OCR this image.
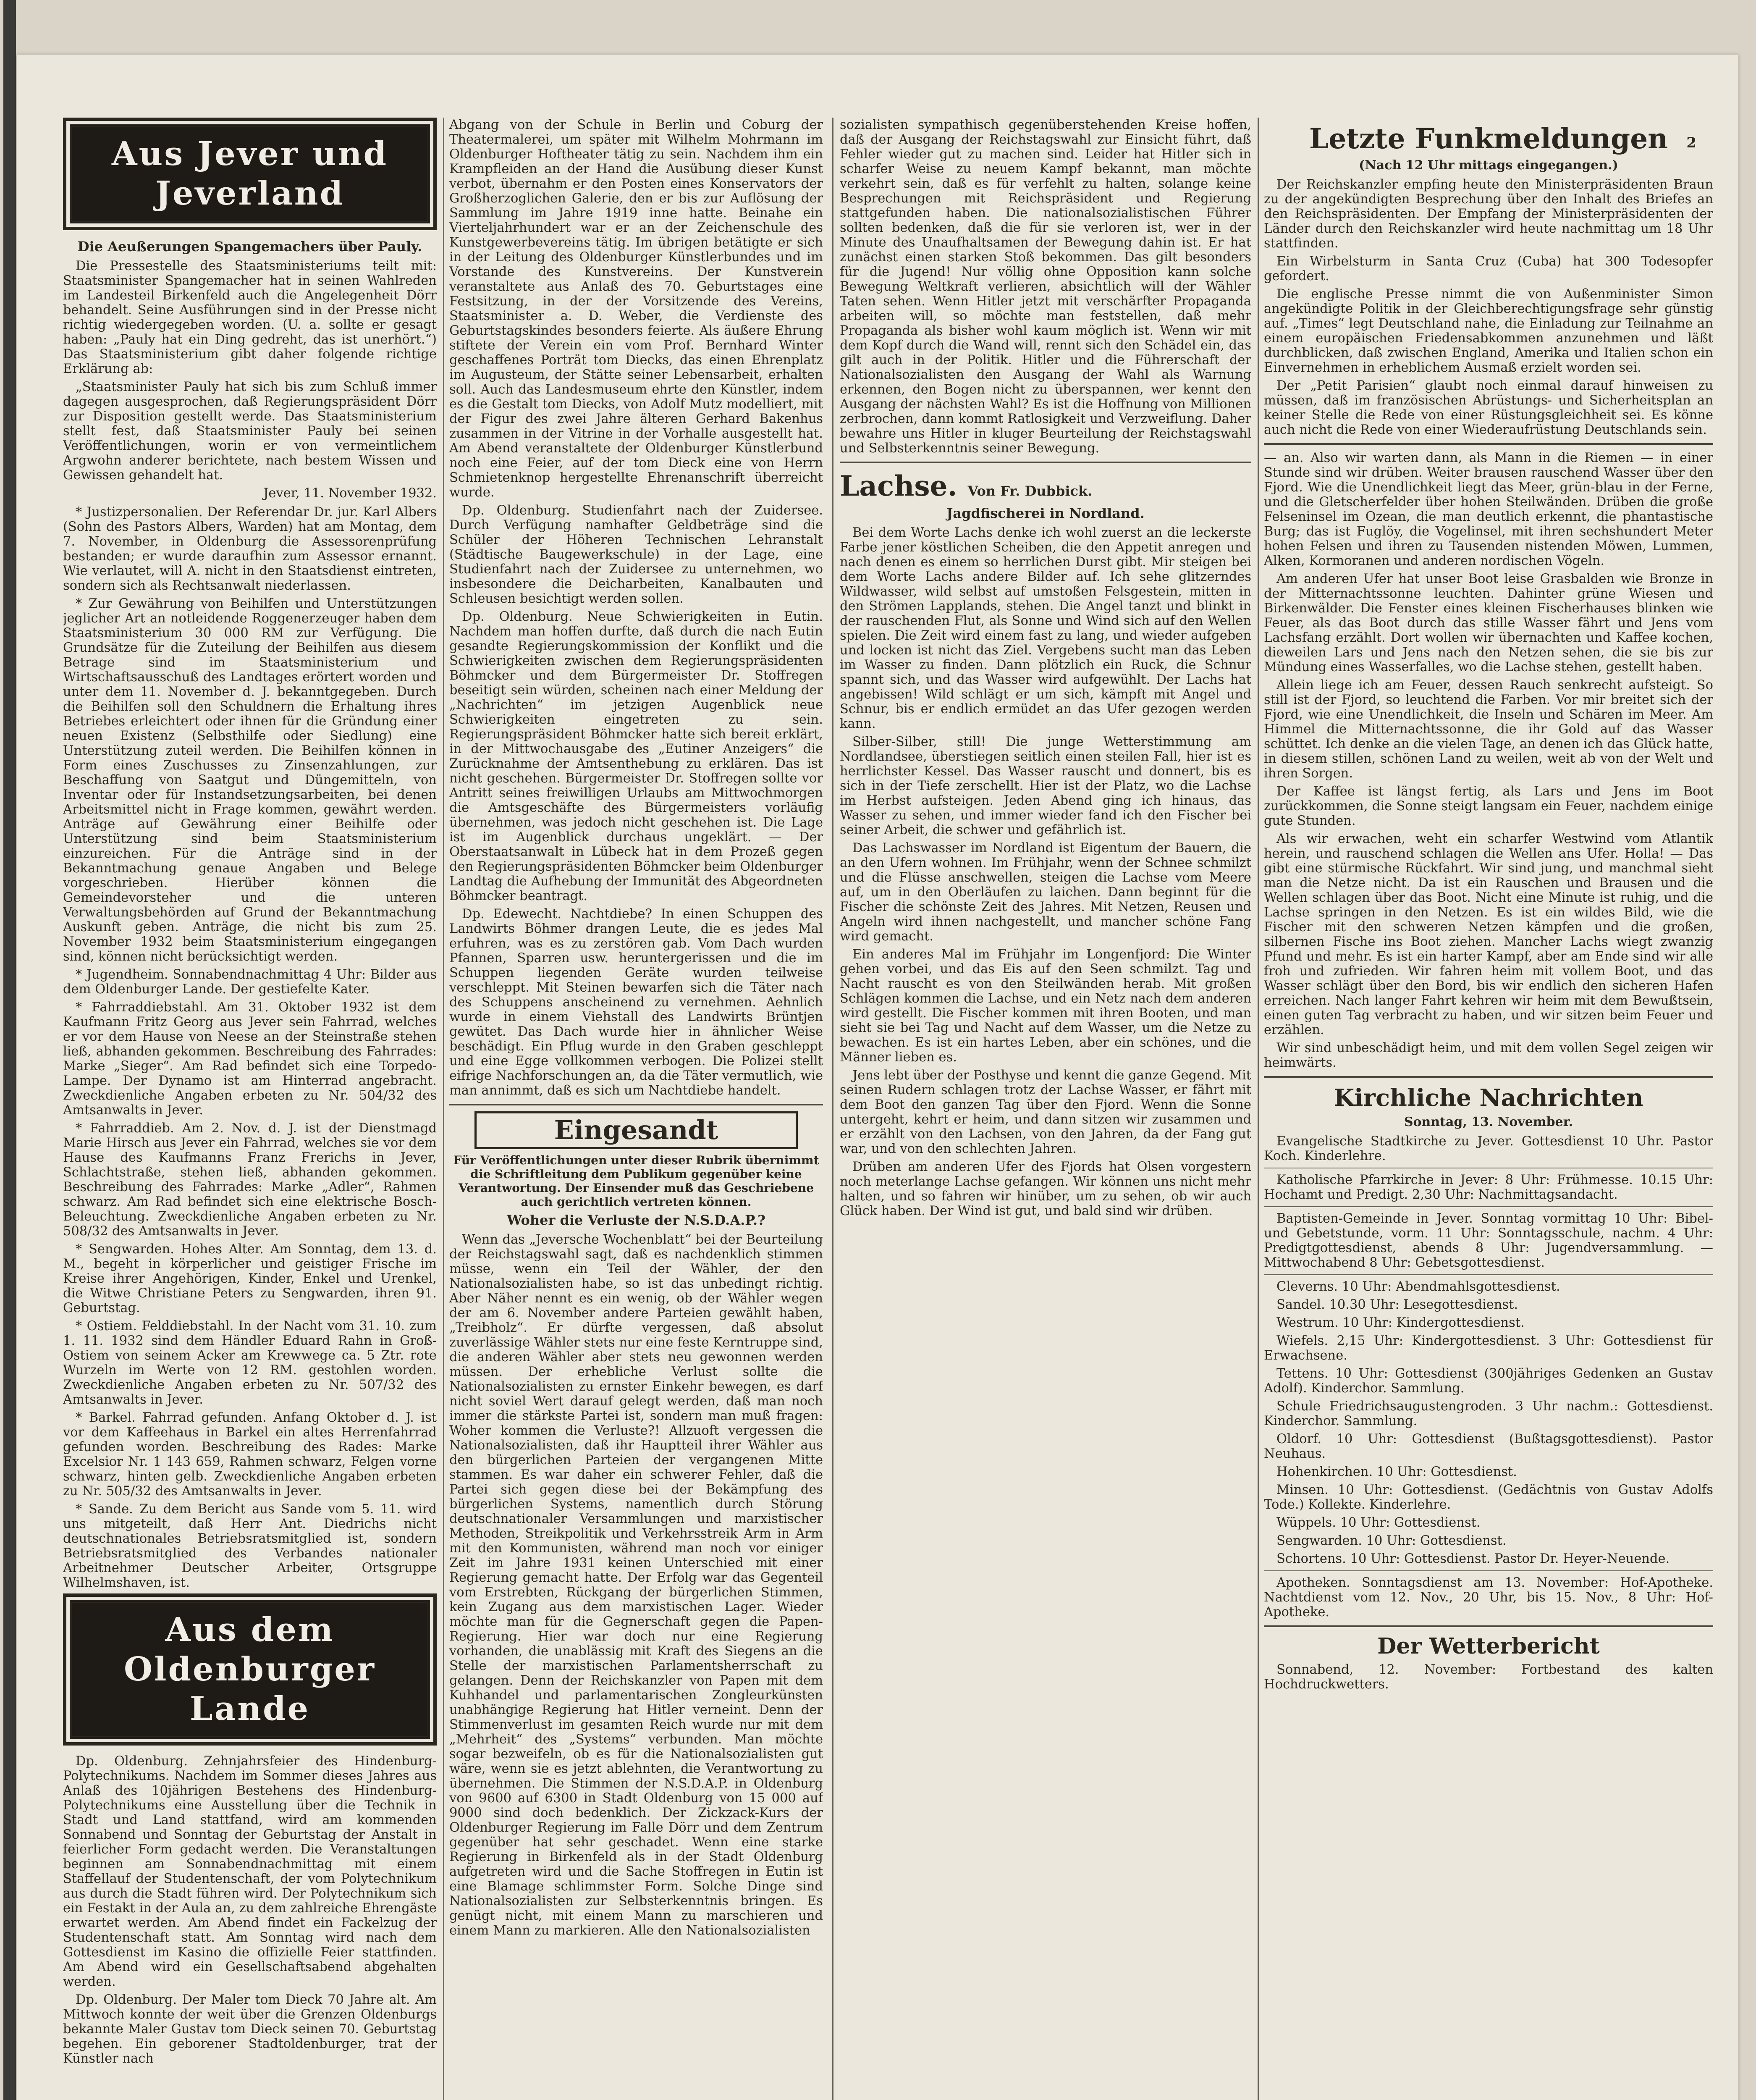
2
Aus Jever und Jeverland
Die Aeußerungen Spangemachers über Pauly.

Die Pressestelle des Staatsministeriums teilt mit: Staatsminister Spangemacher hat in seinen Wahlreden im Landesteil Birkenfeld auch die Angelegenheit Dörr behandelt. Seine Ausführungen sind in der Presse nicht richtig wiedergegeben worden. (U. a. sollte er gesagt haben: „Pauly hat ein Ding gedreht, das ist unerhört.“) Das Staatsministerium gibt daher folgende richtige Erklärung ab:

„Staatsminister Pauly hat sich bis zum Schluß immer dagegen ausgesprochen, daß Regierungspräsident Dörr zur Disposition gestellt werde. Das Staatsministerium stellt fest, daß Staatsminister Pauly bei seinen Veröffentlichungen, worin er von vermeintlichem Argwohn anderer berichtete, nach bestem Wissen und Gewissen gehandelt hat.

Jever, 11. November 1932.

* Justizpersonalien. Der Referendar Dr. jur. Karl Albers (Sohn des Pastors Albers, Warden) hat am Montag, dem 7. November, in Oldenburg die Assessorenprüfung bestanden; er wurde daraufhin zum Assessor ernannt. Wie verlautet, will A. nicht in den Staatsdienst eintreten, sondern sich als Rechtsanwalt niederlassen.

* Zur Gewährung von Beihilfen und Unterstützungen jeglicher Art an notleidende Roggenerzeuger haben dem Staatsministerium 30 000 RM zur Verfügung. Die Grundsätze für die Zuteilung der Beihilfen aus diesem Betrage sind im Staatsministerium und Wirtschaftsausschuß des Landtages erörtert worden und unter dem 11. November d. J. bekanntgegeben. Durch die Beihilfen soll den Schuldnern die Erhaltung ihres Betriebes erleichtert oder ihnen für die Gründung einer neuen Existenz (Selbsthilfe oder Siedlung) eine Unterstützung zuteil werden. Die Beihilfen können in Form eines Zuschusses zu Zinsenzahlungen, zur Beschaffung von Saatgut und Düngemitteln, von Inventar oder für Instandsetzungsarbeiten, bei denen Arbeitsmittel nicht in Frage kommen, gewährt werden. Anträge auf Gewährung einer Beihilfe oder Unterstützung sind beim Staatsministerium einzureichen. Für die Anträge sind in der Bekanntmachung genaue Angaben und Belege vorgeschrieben. Hierüber können die Gemeindevorsteher und die unteren Verwaltungsbehörden auf Grund der Bekanntmachung Auskunft geben. Anträge, die nicht bis zum 25. November 1932 beim Staatsministerium eingegangen sind, können nicht berücksichtigt werden.

* Jugendheim. Sonnabendnachmittag 4 Uhr: Bilder aus dem Oldenburger Lande. Der gestiefelte Kater.

* Fahrraddiebstahl. Am 31. Oktober 1932 ist dem Kaufmann Fritz Georg aus Jever sein Fahrrad, welches er vor dem Hause von Neese an der Steinstraße stehen ließ, abhanden gekommen. Beschreibung des Fahrrades: Marke „Sieger“. Am Rad befindet sich eine Torpedo-Lampe. Der Dynamo ist am Hinterrad angebracht. Zweckdienliche Angaben erbeten zu Nr. 504/32 des Amtsanwalts in Jever.

* Fahrraddieb. Am 2. Nov. d. J. ist der Dienstmagd Marie Hirsch aus Jever ein Fahrrad, welches sie vor dem Hause des Kaufmanns Franz Frerichs in Jever, Schlachtstraße, stehen ließ, abhanden gekommen. Beschreibung des Fahrrades: Marke „Adler“, Rahmen schwarz. Am Rad befindet sich eine elektrische Bosch-Beleuchtung. Zweckdienliche Angaben erbeten zu Nr. 508/32 des Amtsanwalts in Jever.

* Sengwarden. Hohes Alter. Am Sonntag, dem 13. d. M., begeht in körperlicher und geistiger Frische im Kreise ihrer Angehörigen, Kinder, Enkel und Urenkel, die Witwe Christiane Peters zu Sengwarden, ihren 91. Geburtstag.

* Ostiem. Felddiebstahl. In der Nacht vom 31. 10. zum 1. 11. 1932 sind dem Händler Eduard Rahn in Groß-Ostiem von seinem Acker am Krewwege ca. 5 Ztr. rote Wurzeln im Werte von 12 RM. gestohlen worden. Zweckdienliche Angaben erbeten zu Nr. 507/32 des Amtsanwalts in Jever.

* Barkel. Fahrrad gefunden. Anfang Oktober d. J. ist vor dem Kaffeehaus in Barkel ein altes Herrenfahrrad gefunden worden. Beschreibung des Rades: Marke Excelsior Nr. 1 143 659, Rahmen schwarz, Felgen vorne schwarz, hinten gelb. Zweckdienliche Angaben erbeten zu Nr. 505/32 des Amtsanwalts in Jever.

* Sande. Zu dem Bericht aus Sande vom 5. 11. wird uns mitgeteilt, daß Herr Ant. Diedrichs nicht deutschnationales Betriebsratsmitglied ist, sondern Betriebsratsmitglied des Verbandes nationaler Arbeitnehmer Deutscher Arbeiter, Ortsgruppe Wilhelmshaven, ist.

Aus dem Oldenburger Lande

Dp. Oldenburg. Zehnjahrsfeier des Hindenburg-Polytechnikums. Nachdem im Sommer dieses Jahres aus Anlaß des 10jährigen Bestehens des Hindenburg-Polytechnikums eine Ausstellung über die Technik in Stadt und Land stattfand, wird am kommenden Sonnabend und Sonntag der Geburtstag der Anstalt in feierlicher Form gedacht werden. Die Veranstaltungen beginnen am Sonnabendnachmittag mit einem Staffellauf der Studentenschaft, der vom Polytechnikum aus durch die Stadt führen wird. Der Polytechnikum sich ein Festakt in der Aula an, zu dem zahlreiche Ehrengäste erwartet werden. Am Abend findet ein Fackelzug der Studentenschaft statt. Am Sonntag wird nach dem Gottesdienst im Kasino die offizielle Feier stattfinden. Am Abend wird ein Gesellschaftsabend abgehalten werden.

Dp. Oldenburg. Der Maler tom Dieck 70 Jahre alt. Am Mittwoch konnte der weit über die Grenzen Oldenburgs bekannte Maler Gustav tom Dieck seinen 70. Geburtstag begehen. Ein geborener Stadtoldenburger, trat der Künstler nach

Abgang von der Schule in Berlin und Coburg der Theatermalerei, um später mit Wilhelm Mohrmann im Oldenburger Hoftheater tätig zu sein. Nachdem ihm ein Krampfleiden an der Hand die Ausübung dieser Kunst verbot, übernahm er den Posten eines Konservators der Großherzoglichen Galerie, den er bis zur Auflösung der Sammlung im Jahre 1919 inne hatte. Beinahe ein Vierteljahrhundert war er an der Zeichenschule des Kunstgewerbevereins tätig. Im übrigen betätigte er sich in der Leitung des Oldenburger Künstlerbundes und im Vorstande des Kunstvereins. Der Kunstverein veranstaltete aus Anlaß des 70. Geburtstages eine Festsitzung, in der der Vorsitzende des Vereins, Staatsminister a. D. Weber, die Verdienste des Geburtstagskindes besonders feierte. Als äußere Ehrung stiftete der Verein ein vom Prof. Bernhard Winter geschaffenes Porträt tom Diecks, das einen Ehrenplatz im Augusteum, der Stätte seiner Lebensarbeit, erhalten soll. Auch das Landesmuseum ehrte den Künstler, indem es die Gestalt tom Diecks, von Adolf Mutz modelliert, mit der Figur des zwei Jahre älteren Gerhard Bakenhus zusammen in der Vitrine in der Vorhalle ausgestellt hat. Am Abend veranstaltete der Oldenburger Künstlerbund noch eine Feier, auf der tom Dieck eine von Herrn Schmietenknop hergestellte Ehrenanschrift überreicht wurde.

Dp. Oldenburg. Studienfahrt nach der Zuidersee. Durch Verfügung namhafter Geldbeträge sind die Schüler der Höheren Technischen Lehranstalt (Städtische Baugewerkschule) in der Lage, eine Studienfahrt nach der Zuidersee zu unternehmen, wo insbesondere die Deicharbeiten, Kanalbauten und Schleusen besichtigt werden sollen.

Dp. Oldenburg. Neue Schwierigkeiten in Eutin. Nachdem man hoffen durfte, daß durch die nach Eutin gesandte Regierungskommission der Konflikt und die Schwierigkeiten zwischen dem Regierungspräsidenten Böhmcker und dem Bürgermeister Dr. Stoffregen beseitigt sein würden, scheinen nach einer Meldung der „Nachrichten“ im jetzigen Augenblick neue Schwierigkeiten eingetreten zu sein. Regierungspräsident Böhmcker hatte sich bereit erklärt, in der Mittwochausgabe des „Eutiner Anzeigers“ die Zurücknahme der Amtsenthebung zu erklären. Das ist nicht geschehen. Bürgermeister Dr. Stoffregen sollte vor Antritt seines freiwilligen Urlaubs am Mittwochmorgen die Amtsgeschäfte des Bürgermeisters vorläufig übernehmen, was jedoch nicht geschehen ist. Die Lage ist im Augenblick durchaus ungeklärt. — Der Oberstaatsanwalt in Lübeck hat in dem Prozeß gegen den Regierungspräsidenten Böhmcker beim Oldenburger Landtag die Aufhebung der Immunität des Abgeordneten Böhmcker beantragt.

Dp. Edewecht. Nachtdiebe? In einen Schuppen des Landwirts Böhmer drangen Leute, die es jedes Mal erfuhren, was es zu zerstören gab. Vom Dach wurden Pfannen, Sparren usw. heruntergerissen und die im Schuppen liegenden Geräte wurden teilweise verschleppt. Mit Steinen bewarfen sich die Täter nach des Schuppens anscheinend zu vernehmen. Aehnlich wurde in einem Viehstall des Landwirts Brüntjen gewütet. Das Dach wurde hier in ähnlicher Weise beschädigt. Ein Pflug wurde in den Graben geschleppt und eine Egge vollkommen verbogen. Die Polizei stellt eifrige Nachforschungen an, da die Täter vermutlich, wie man annimmt, daß es sich um Nachtdiebe handelt.

Eingesandt
Für Veröffentlichungen unter dieser Rubrik übernimmt die Schriftleitung dem Publikum gegenüber keine Verantwortung. Der Einsender muß das Geschriebene auch gerichtlich vertreten können.
Woher die Verluste der N.S.D.A.P.?

Wenn das „Jeversche Wochenblatt“ bei der Beurteilung der Reichstagswahl sagt, daß es nachdenklich stimmen müsse, wenn ein Teil der Wähler, der den Nationalsozialisten habe, so ist das unbedingt richtig. Aber Näher nennt es ein wenig, ob der Wähler wegen der am 6. November andere Parteien gewählt haben, „Treibholz“. Er dürfte vergessen, daß absolut zuverlässige Wähler stets nur eine feste Kerntruppe sind, die anderen Wähler aber stets neu gewonnen werden müssen. Der erhebliche Verlust sollte die Nationalsozialisten zu ernster Einkehr bewegen, es darf nicht soviel Wert darauf gelegt werden, daß man noch immer die stärkste Partei ist, sondern man muß fragen: Woher kommen die Verluste?! Allzuoft vergessen die Nationalsozialisten, daß ihr Hauptteil ihrer Wähler aus den bürgerlichen Parteien der vergangenen Mitte stammen. Es war daher ein schwerer Fehler, daß die Partei sich gegen diese bei der Bekämpfung des bürgerlichen Systems, namentlich durch Störung deutschnationaler Versammlungen und marxistischer Methoden, Streikpolitik und Verkehrsstreik Arm in Arm mit den Kommunisten, während man noch vor einiger Zeit im Jahre 1931 keinen Unterschied mit einer Regierung gemacht hatte. Der Erfolg war das Gegenteil vom Erstrebten, Rückgang der bürgerlichen Stimmen, kein Zugang aus dem marxistischen Lager. Wieder möchte man für die Gegnerschaft gegen die Papen-Regierung. Hier war doch nur eine Regierung vorhanden, die unablässig mit Kraft des Siegens an die Stelle der marxistischen Parlamentsherrschaft zu gelangen. Denn der Reichskanzler von Papen mit dem Kuhhandel und parlamentarischen Zongleurkünsten unabhängige Regierung hat Hitler verneint. Denn der Stimmenverlust im gesamten Reich wurde nur mit dem „Mehrheit“ des „Systems“ verbunden. Man möchte sogar bezweifeln, ob es für die Nationalsozialisten gut wäre, wenn sie es jetzt ablehnten, die Verantwortung zu übernehmen. Die Stimmen der N.S.D.A.P. in Oldenburg von 9600 auf 6300 in Stadt Oldenburg von 15 000 auf 9000 sind doch bedenklich. Der Zickzack-Kurs der Oldenburger Regierung im Falle Dörr und dem Zentrum gegenüber hat sehr geschadet. Wenn eine starke Regierung in Birkenfeld als in der Stadt Oldenburg aufgetreten wird und die Sache Stoffregen in Eutin ist eine Blamage schlimmster Form. Solche Dinge sind Nationalsozialisten zur Selbsterkenntnis bringen. Es genügt nicht, mit einem Mann zu marschieren und einem Mann zu markieren. Alle den Nationalsozialisten

sozialisten sympathisch gegenüberstehenden Kreise hoffen, daß der Ausgang der Reichstagswahl zur Einsicht führt, daß Fehler wieder gut zu machen sind. Leider hat Hitler sich in scharfer Weise zu neuem Kampf bekannt, man möchte verkehrt sein, daß es für verfehlt zu halten, solange keine Besprechungen mit Reichspräsident und Regierung stattgefunden haben. Die nationalsozialistischen Führer sollten bedenken, daß die für sie verloren ist, wer in der Minute des Unaufhaltsamen der Bewegung dahin ist. Er hat zunächst einen starken Stoß bekommen. Das gilt besonders für die Jugend! Nur völlig ohne Opposition kann solche Bewegung Weltkraft verlieren, absichtlich will der Wähler Taten sehen. Wenn Hitler jetzt mit verschärfter Propaganda arbeiten will, so möchte man feststellen, daß mehr Propaganda als bisher wohl kaum möglich ist. Wenn wir mit dem Kopf durch die Wand will, rennt sich den Schädel ein, das gilt auch in der Politik. Hitler und die Führerschaft der Nationalsozialisten den Ausgang der Wahl als Warnung erkennen, den Bogen nicht zu überspannen, wer kennt den Ausgang der nächsten Wahl? Es ist die Hoffnung von Millionen zerbrochen, dann kommt Ratlosigkeit und Verzweiflung. Daher bewahre uns Hitler in kluger Beurteilung der Reichstagswahl und Selbsterkenntnis seiner Bewegung.

Lachse. Von Fr. Dubbick.
Jagdfischerei in Nordland.

Bei dem Worte Lachs denke ich wohl zuerst an die leckerste Farbe jener köstlichen Scheiben, die den Appetit anregen und nach denen es einem so herrlichen Durst gibt. Mir steigen bei dem Worte Lachs andere Bilder auf. Ich sehe glitzerndes Wildwasser, wild selbst auf umstoßen Felsgestein, mitten in den Strömen Lapplands, stehen. Die Angel tanzt und blinkt in der rauschenden Flut, als Sonne und Wind sich auf den Wellen spielen. Die Zeit wird einem fast zu lang, und wieder aufgeben und locken ist nicht das Ziel. Vergebens sucht man das Leben im Wasser zu finden. Dann plötzlich ein Ruck, die Schnur spannt sich, und das Wasser wird aufgewühlt. Der Lachs hat angebissen! Wild schlägt er um sich, kämpft mit Angel und Schnur, bis er endlich ermüdet an das Ufer gezogen werden kann.

Silber-Silber, still! Die junge Wetterstimmung am Nordlandsee, überstiegen seitlich einen steilen Fall, hier ist es herrlichster Kessel. Das Wasser rauscht und donnert, bis es sich in der Tiefe zerschellt. Hier ist der Platz, wo die Lachse im Herbst aufsteigen. Jeden Abend ging ich hinaus, das Wasser zu sehen, und immer wieder fand ich den Fischer bei seiner Arbeit, die schwer und gefährlich ist.

Das Lachswasser im Nordland ist Eigentum der Bauern, die an den Ufern wohnen. Im Frühjahr, wenn der Schnee schmilzt und die Flüsse anschwellen, steigen die Lachse vom Meere auf, um in den Oberläufen zu laichen. Dann beginnt für die Fischer die schönste Zeit des Jahres. Mit Netzen, Reusen und Angeln wird ihnen nachgestellt, und mancher schöne Fang wird gemacht.

Ein anderes Mal im Frühjahr im Longenfjord: Die Winter gehen vorbei, und das Eis auf den Seen schmilzt. Tag und Nacht rauscht es von den Steilwänden herab. Mit großen Schlägen kommen die Lachse, und ein Netz nach dem anderen wird gestellt. Die Fischer kommen mit ihren Booten, und man sieht sie bei Tag und Nacht auf dem Wasser, um die Netze zu bewachen. Es ist ein hartes Leben, aber ein schönes, und die Männer lieben es.

Jens lebt über der Posthyse und kennt die ganze Gegend. Mit seinen Rudern schlagen trotz der Lachse Wasser, er fährt mit dem Boot den ganzen Tag über den Fjord. Wenn die Sonne untergeht, kehrt er heim, und dann sitzen wir zusammen und er erzählt von den Lachsen, von den Jahren, da der Fang gut war, und von den schlechten Jahren.

Drüben am anderen Ufer des Fjords hat Olsen vorgestern noch meterlange Lachse gefangen. Wir können uns nicht mehr halten, und so fahren wir hinüber, um zu sehen, ob wir auch Glück haben. Der Wind ist gut, und bald sind wir drüben.

Letzte Funkmeldungen
(Nach 12 Uhr mittags eingegangen.)

Der Reichskanzler empfing heute den Ministerpräsidenten Braun zu der angekündigten Besprechung über den Inhalt des Briefes an den Reichspräsidenten. Der Empfang der Ministerpräsidenten der Länder durch den Reichskanzler wird heute nachmittag um 18 Uhr stattfinden.

Ein Wirbelsturm in Santa Cruz (Cuba) hat 300 Todesopfer gefordert.

Die englische Presse nimmt die von Außenminister Simon angekündigte Politik in der Gleichberechtigungsfrage sehr günstig auf. „Times“ legt Deutschland nahe, die Einladung zur Teilnahme an einem europäischen Friedensabkommen anzunehmen und läßt durchblicken, daß zwischen England, Amerika und Italien schon ein Einvernehmen in erheblichem Ausmaß erzielt worden sei.

Der „Petit Parisien“ glaubt noch einmal darauf hinweisen zu müssen, daß im französischen Abrüstungs- und Sicherheitsplan an keiner Stelle die Rede von einer Rüstungsgleichheit sei. Es könne auch nicht die Rede von einer Wiederaufrüstung Deutschlands sein.

— an. Also wir warten dann, als Mann in die Riemen — in einer Stunde sind wir drüben. Weiter brausen rauschend Wasser über den Fjord. Wie die Unendlichkeit liegt das Meer, grün-blau in der Ferne, und die Gletscherfelder über hohen Steilwänden. Drüben die große Felseninsel im Ozean, die man deutlich erkennt, die phantastische Burg; das ist Fuglöy, die Vogelinsel, mit ihren sechshundert Meter hohen Felsen und ihren zu Tausenden nistenden Möwen, Lummen, Alken, Kormoranen und anderen nordischen Vögeln.

Am anderen Ufer hat unser Boot leise Grasbalden wie Bronze in der Mitternachtssonne leuchten. Dahinter grüne Wiesen und Birkenwälder. Die Fenster eines kleinen Fischerhauses blinken wie Feuer, als das Boot durch das stille Wasser fährt und Jens vom Lachsfang erzählt. Dort wollen wir übernachten und Kaffee kochen, dieweilen Lars und Jens nach den Netzen sehen, die sie bis zur Mündung eines Wasserfalles, wo die Lachse stehen, gestellt haben.

Allein liege ich am Feuer, dessen Rauch senkrecht aufsteigt. So still ist der Fjord, so leuchtend die Farben. Vor mir breitet sich der Fjord, wie eine Unendlichkeit, die Inseln und Schären im Meer. Am Himmel die Mitternachtssonne, die ihr Gold auf das Wasser schüttet. Ich denke an die vielen Tage, an denen ich das Glück hatte, in diesem stillen, schönen Land zu weilen, weit ab von der Welt und ihren Sorgen.

Der Kaffee ist längst fertig, als Lars und Jens im Boot zurückkommen, die Sonne steigt langsam ein Feuer, nachdem einige gute Stunden.

Als wir erwachen, weht ein scharfer Westwind vom Atlantik herein, und rauschend schlagen die Wellen ans Ufer. Holla! — Das gibt eine stürmische Rückfahrt. Wir sind jung, und manchmal sieht man die Netze nicht. Da ist ein Rauschen und Brausen und die Wellen schlagen über das Boot. Nicht eine Minute ist ruhig, und die Lachse springen in den Netzen. Es ist ein wildes Bild, wie die Fischer mit den schweren Netzen kämpfen und die großen, silbernen Fische ins Boot ziehen. Mancher Lachs wiegt zwanzig Pfund und mehr. Es ist ein harter Kampf, aber am Ende sind wir alle froh und zufrieden. Wir fahren heim mit vollem Boot, und das Wasser schlägt über den Bord, bis wir endlich den sicheren Hafen erreichen. Nach langer Fahrt kehren wir heim mit dem Bewußtsein, einen guten Tag verbracht zu haben, und wir sitzen beim Feuer und erzählen.

Wir sind unbeschädigt heim, und mit dem vollen Segel zeigen wir heimwärts.

Kirchliche Nachrichten
Sonntag, 13. November.

Evangelische Stadtkirche zu Jever. Gottesdienst 10 Uhr. Pastor Koch. Kinderlehre.

Katholische Pfarrkirche in Jever: 8 Uhr: Frühmesse. 10.15 Uhr: Hochamt und Predigt. 2,30 Uhr: Nachmittagsandacht.

Baptisten-Gemeinde in Jever. Sonntag vormittag 10 Uhr: Bibel- und Gebetstunde, vorm. 11 Uhr: Sonntagsschule, nachm. 4 Uhr: Predigtgottesdienst, abends 8 Uhr: Jugendversammlung. — Mittwochabend 8 Uhr: Gebetsgottesdienst.

Cleverns. 10 Uhr: Abendmahlsgottesdienst.

Sandel. 10.30 Uhr: Lesegottesdienst.

Westrum. 10 Uhr: Kindergottesdienst.

Wiefels. 2,15 Uhr: Kindergottesdienst. 3 Uhr: Gottesdienst für Erwachsene.

Tettens. 10 Uhr: Gottesdienst (300jähriges Gedenken an Gustav Adolf). Kinderchor. Sammlung.

Schule Friedrichsaugustengroden. 3 Uhr nachm.: Gottesdienst. Kinderchor. Sammlung.

Oldorf. 10 Uhr: Gottesdienst (Bußtagsgottesdienst). Pastor Neuhaus.

Hohenkirchen. 10 Uhr: Gottesdienst.

Minsen. 10 Uhr: Gottesdienst. (Gedächtnis von Gustav Adolfs Tode.) Kollekte. Kinderlehre.

Wüppels. 10 Uhr: Gottesdienst.

Sengwarden. 10 Uhr: Gottesdienst.

Schortens. 10 Uhr: Gottesdienst. Pastor Dr. Heyer-Neuende.

Apotheken. Sonntagsdienst am 13. November: Hof-Apotheke. Nachtdienst vom 12. Nov., 20 Uhr, bis 15. Nov., 8 Uhr: Hof-Apotheke.

Der Wetterbericht

Sonnabend, 12. November: Fortbestand des kalten Hochdruckwetters.
